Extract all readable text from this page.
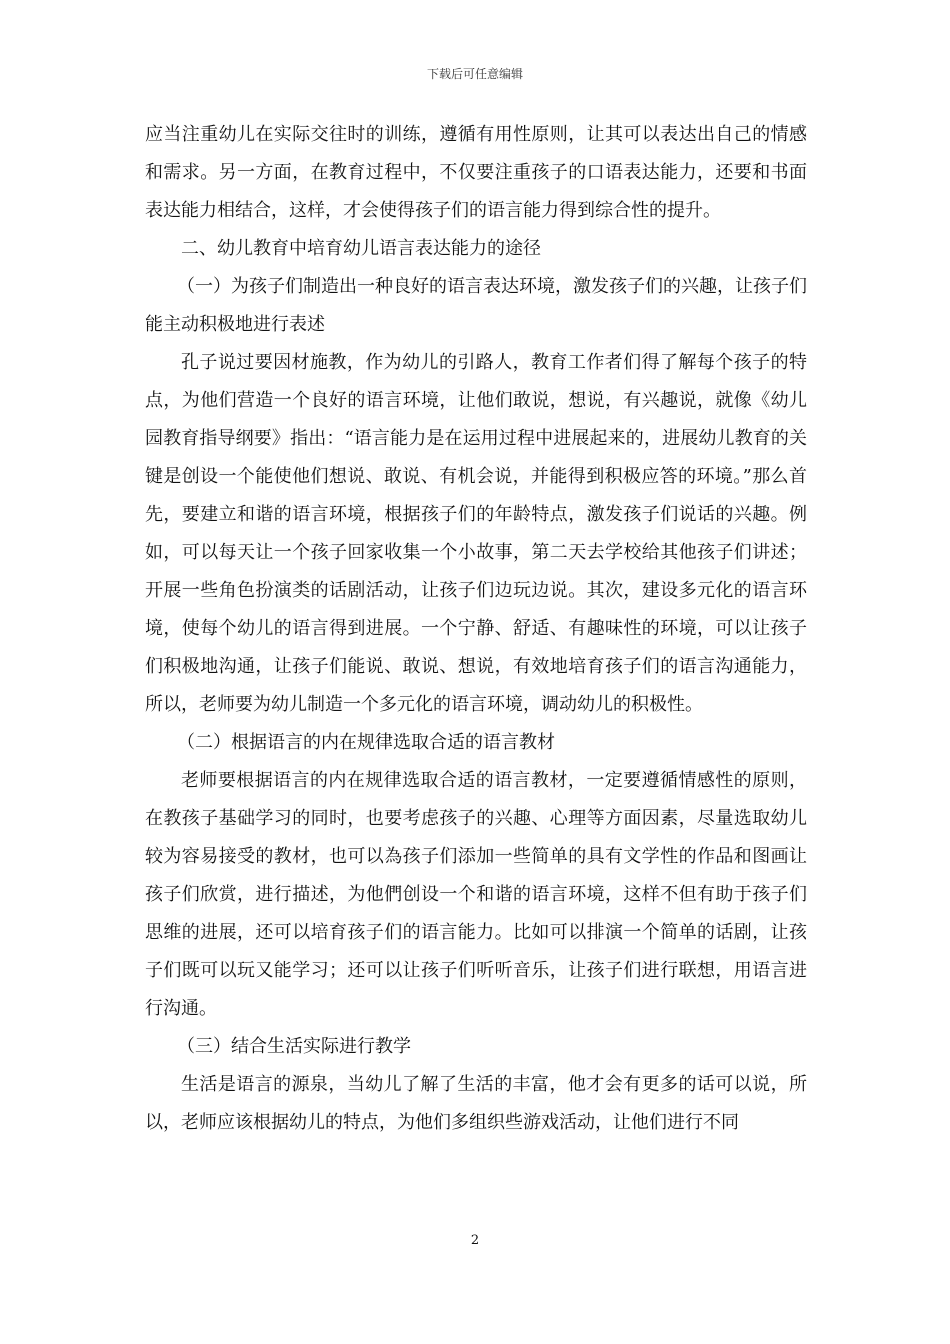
下载后可任意编辑

应当注重幼儿在实际交往时的训练，遵循有用性原则，让其可以表达出自己的情感和需求。另一方面，在教育过程中，不仅要注重孩子的口语表达能力，还要和书面表达能力相结合，这样，才会使得孩子们的语言能力得到综合性的提升。

二、幼儿教育中培育幼儿语言表达能力的途径

（一）为孩子们制造出一种良好的语言表达环境，激发孩子们的兴趣，让孩子们能主动积极地进行表述

孔子说过要因材施教，作为幼儿的引路人，教育工作者们得了解每个孩子的特点，为他们营造一个良好的语言环境，让他们敢说，想说，有兴趣说，就像《幼儿园教育指导纲要》指出：“语言能力是在运用过程中进展起来的，进展幼儿教育的关键是创设一个能使他们想说、敢说、有机会说，并能得到积极应答的环境。”那么首先，要建立和谐的语言环境，根据孩子们的年龄特点，激发孩子们说话的兴趣。例如，可以每天让一个孩子回家收集一个小故事，第二天去学校给其他孩子们讲述；开展一些角色扮演类的话剧活动，让孩子们边玩边说。其次，建设多元化的语言环境，使每个幼儿的语言得到进展。一个宁静、舒适、有趣味性的环境，可以让孩子们积极地沟通，让孩子们能说、敢说、想说，有效地培育孩子们的语言沟通能力，所以，老师要为幼儿制造一个多元化的语言环境，调动幼儿的积极性。

（二）根据语言的内在规律选取合适的语言教材

老师要根据语言的内在规律选取合适的语言教材，一定要遵循情感性的原则，在教孩子基础学习的同时，也要考虑孩子的兴趣、心理等方面因素，尽量选取幼儿较为容易接受的教材，也可以為孩子们添加一些简单的具有文学性的作品和图画让孩子们欣赏，进行描述，为他們创设一个和谐的语言环境，这样不但有助于孩子们思维的进展，还可以培育孩子们的语言能力。比如可以排演一个简单的话剧，让孩子们既可以玩又能学习；还可以让孩子们听听音乐，让孩子们进行联想，用语言进行沟通。

（三）结合生活实际进行教学

生活是语言的源泉，当幼儿了解了生活的丰富，他才会有更多的话可以说，所以，老师应该根据幼儿的特点，为他们多组织些游戏活动，让他们进行不同

2
